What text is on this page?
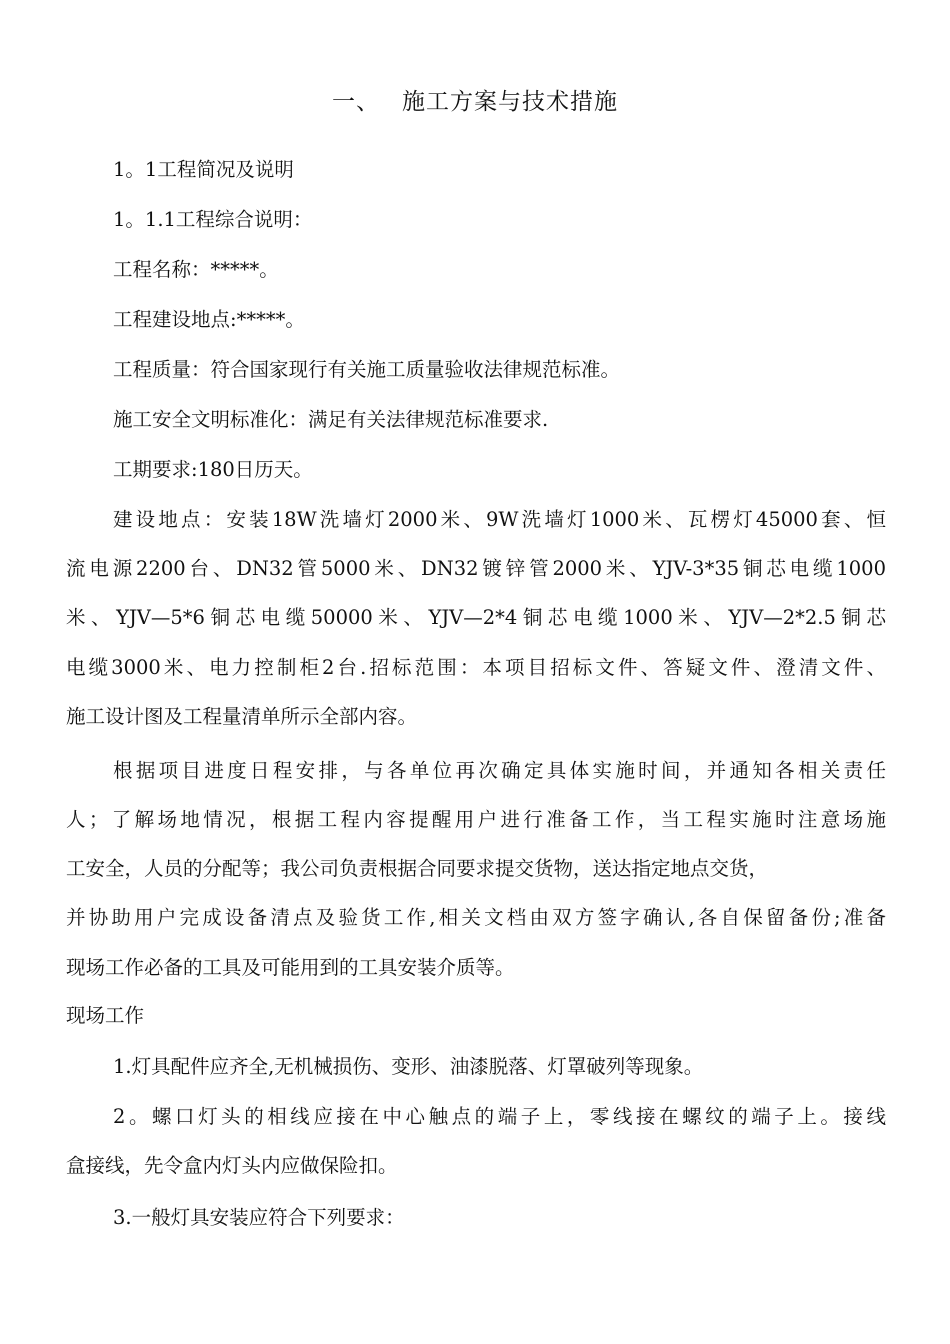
一、 施工方案与技术措施
1。1工程简况及说明
1。1.1工程综合说明：
工程名称：*****。
工程建设地点:*****。
工程质量：符合国家现行有关施工质量验收法律规范标准。
施工安全文明标准化：满足有关法律规范标准要求.
工期要求:180日历天。
建设地点：安装18W洗墙灯2000米、9W洗墙灯1000米、瓦楞灯45000套、恒
流电源2200台、DN32管5000米、DN32镀锌管2000米、YJV-3*35铜芯电缆1000
米、YJV—5*6铜芯电缆50000米、YJV—2*4铜芯电缆1000米、YJV—2*2.5铜芯
电缆3000米、电力控制柜2台.招标范围：本项目招标文件、答疑文件、澄清文件、
施工设计图及工程量清单所示全部内容。
根据项目进度日程安排，与各单位再次确定具体实施时间，并通知各相关责任
人；了解场地情况，根据工程内容提醒用户进行准备工作，当工程实施时注意场施
工安全，人员的分配等；我公司负责根据合同要求提交货物，送达指定地点交货，
并协助用户完成设备清点及验货工作,相关文档由双方签字确认,各自保留备份;准备
现场工作必备的工具及可能用到的工具安装介质等。
现场工作
1.灯具配件应齐全,无机械损伤、变形、油漆脱落、灯罩破列等现象。
2。螺口灯头的相线应接在中心触点的端子上，零线接在螺纹的端子上。接线
盒接线，先令盒内灯头内应做保险扣。
3.一般灯具安装应符合下列要求：
